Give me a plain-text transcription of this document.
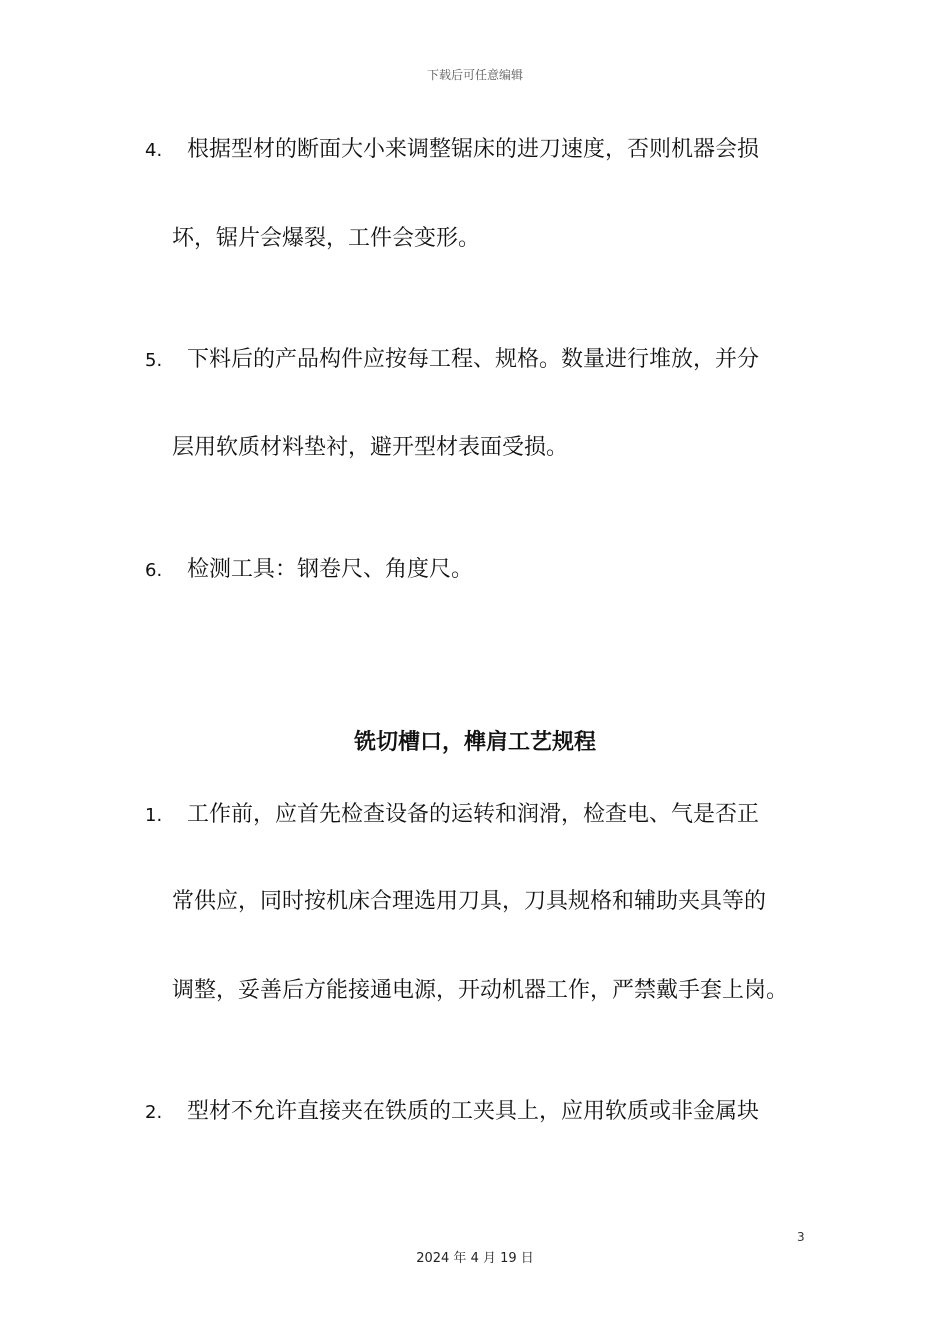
下载后可任意编辑
4. 根据型材的断面大小来调整锯床的进刀速度，否则机器会损
坏，锯片会爆裂，工件会变形。
5. 下料后的产品构件应按每工程、规格。数量进行堆放，并分
层用软质材料垫衬，避开型材表面受损。
6. 检测工具：钢卷尺、角度尺。
铣切槽口，榫肩工艺规程
1. 工作前，应首先检查设备的运转和润滑，检查电、气是否正
常供应，同时按机床合理选用刀具，刀具规格和辅助夹具等的
调整，妥善后方能接通电源，开动机器工作，严禁戴手套上岗。
2. 型材不允许直接夹在铁质的工夹具上，应用软质或非金属块
3
2024 年 4 月 19 日
